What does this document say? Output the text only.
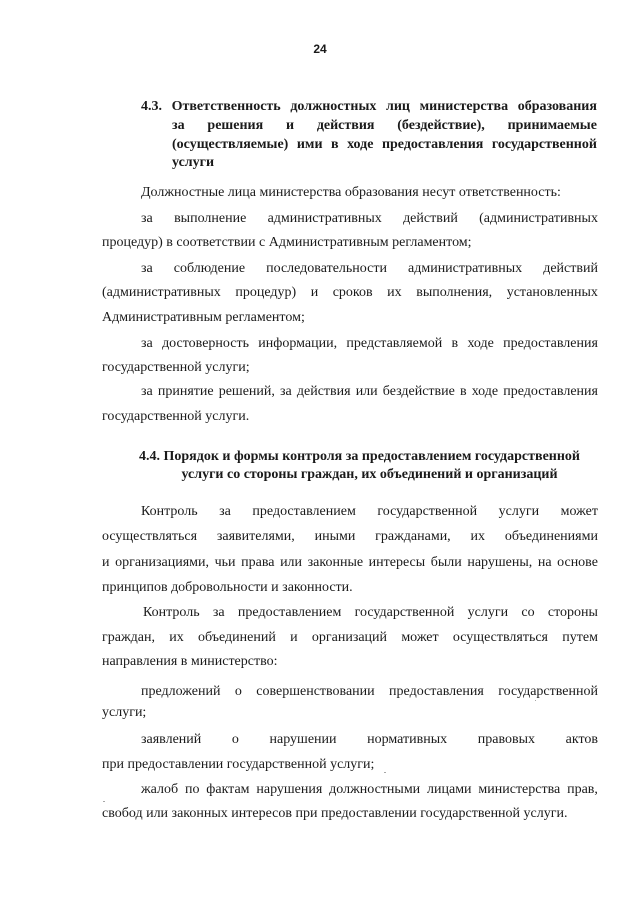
24
4.3. Ответственность должностных лиц министерства образования
за решения и действия (бездействие), принимаемые
(осуществляемые) ими в ходе предоставления государственной
услуги
Должностные лица министерства образования несут ответственность:
за выполнение административных действий (административных
процедур) в соответствии с Административным регламентом;
за соблюдение последовательности административных действий
(административных процедур) и сроков их выполнения, установленных
Административным регламентом;
за достоверность информации, представляемой в ходе предоставления
государственной услуги;
за принятие решений, за действия или бездействие в ходе предоставления
государственной услуги.
4.4. Порядок и формы контроля за предоставлением государственной
услуги со стороны граждан, их объединений и организаций
Контроль за предоставлением государственной услуги может
осуществляться заявителями, иными гражданами, их объединениями
и организациями, чьи права или законные интересы были нарушены, на основе
принципов добровольности и законности.
Контроль за предоставлением государственной услуги со стороны
граждан, их объединений и организаций может осуществляться путем
направления в министерство:
предложений о совершенствовании предоставления государственной
услуги;
заявлений о нарушении нормативных правовых актов
при предоставлении государственной услуги;
жалоб по фактам нарушения должностными лицами министерства прав,
свобод или законных интересов при предоставлении государственной услуги.
